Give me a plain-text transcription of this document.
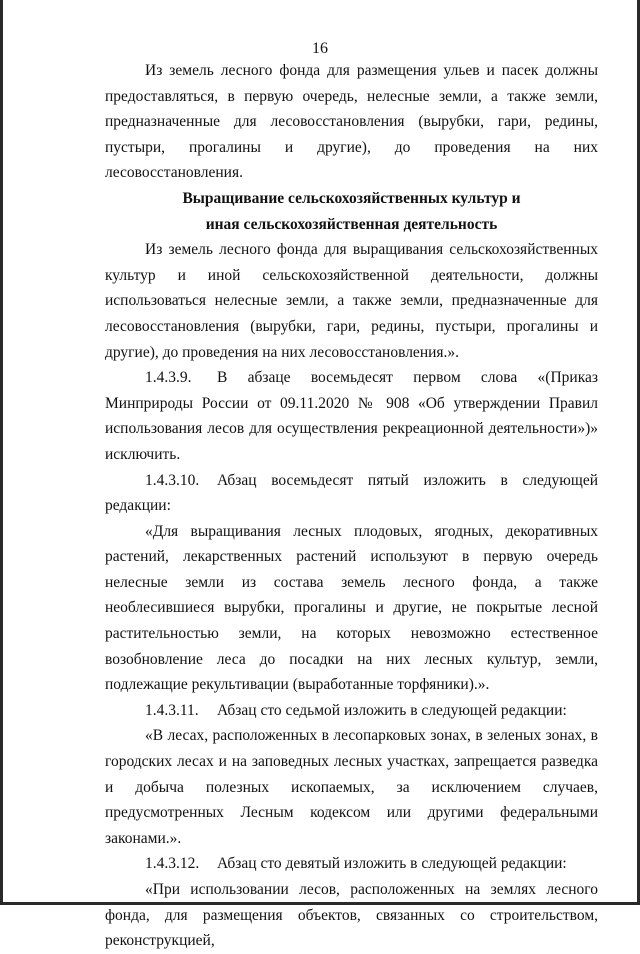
16

Из земель лесного фонда для размещения ульев и пасек должны предоставляться, в первую очередь, нелесные земли, а также земли, предназначенные для лесовосстановления (вырубки, гари, редины, пустыри, прогалины и другие), до проведения на них лесовосстановления.

Выращивание сельскохозяйственных культур и

иная сельскохозяйственная деятельность

Из земель лесного фонда для выращивания сельскохозяйственных культур и иной сельскохозяйственной деятельности, должны использоваться нелесные земли, а также земли, предназначенные для лесовосстановления (вырубки, гари, редины, пустыри, прогалины и другие), до проведения на них лесовосстановления.».

1.4.3.9. В абзаце восемьдесят первом слова «(Приказ Минприроды России от 09.11.2020 № 908 «Об утверждении Правил использования лесов для осуществления рекреационной деятельности»)» исключить.

1.4.3.10. Абзац восемьдесят пятый изложить в следующей редакции:

«Для выращивания лесных плодовых, ягодных, декоративных растений, лекарственных растений используют в первую очередь нелесные земли из состава земель лесного фонда, а также необлесившиеся вырубки, прогалины и другие, не покрытые лесной растительностью земли, на которых невозможно естественное возобновление леса до посадки на них лесных культур, земли, подлежащие рекультивации (выработанные торфяники).».

1.4.3.11. Абзац сто седьмой изложить в следующей редакции:

«В лесах, расположенных в лесопарковых зонах, в зеленых зонах, в городских лесах и на заповедных лесных участках, запрещается разведка и добыча полезных ископаемых, за исключением случаев, предусмотренных Лесным кодексом или другими федеральными законами.».

1.4.3.12. Абзац сто девятый изложить в следующей редакции:

«При использовании лесов, расположенных на землях лесного фонда, для размещения объектов, связанных со строительством, реконструкцией,
